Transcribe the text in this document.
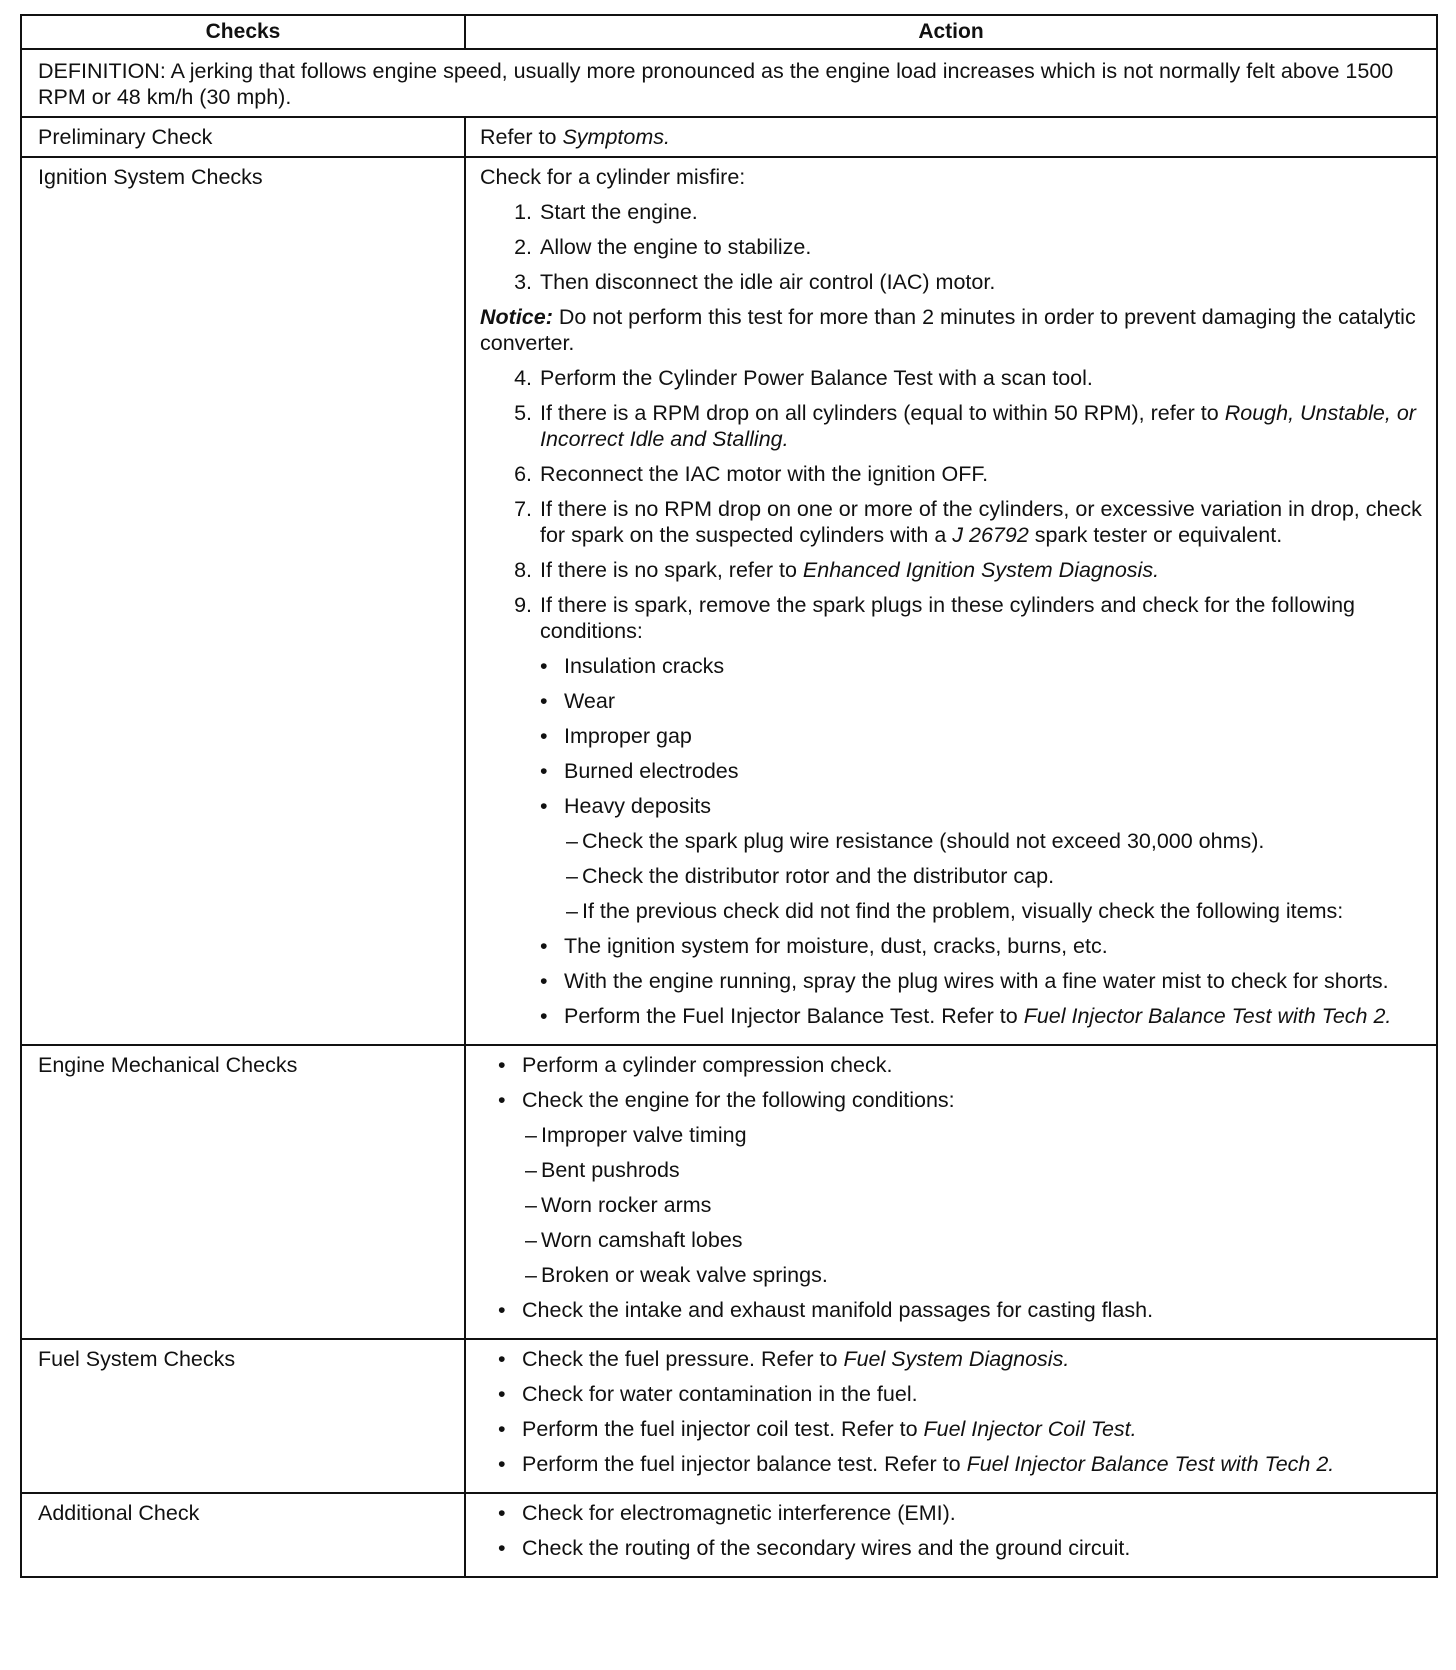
Checks	Action
DEFINITION: A jerking that follows engine speed, usually more pronounced as the engine load increases which is not normally felt above 1500 RPM or 48 km/h (30 mph).
Preliminary Check	Refer to Symptoms.
Ignition System Checks	Check for a cylinder misfire:
1. Start the engine.
2. Allow the engine to stabilize.
3. Then disconnect the idle air control (IAC) motor.
Notice: Do not perform this test for more than 2 minutes in order to prevent damaging the catalytic converter.
4. Perform the Cylinder Power Balance Test with a scan tool.
5. If there is a RPM drop on all cylinders (equal to within 50 RPM), refer to Rough, Unstable, or Incorrect Idle and Stalling.
6. Reconnect the IAC motor with the ignition OFF.
7. If there is no RPM drop on one or more of the cylinders, or excessive variation in drop, check for spark on the suspected cylinders with a J 26792 spark tester or equivalent.
8. If there is no spark, refer to Enhanced Ignition System Diagnosis.
9. If there is spark, remove the spark plugs in these cylinders and check for the following conditions:
• Insulation cracks
• Wear
• Improper gap
• Burned electrodes
• Heavy deposits
– Check the spark plug wire resistance (should not exceed 30,000 ohms).
– Check the distributor rotor and the distributor cap.
– If the previous check did not find the problem, visually check the following items:
• The ignition system for moisture, dust, cracks, burns, etc.
• With the engine running, spray the plug wires with a fine water mist to check for shorts.
• Perform the Fuel Injector Balance Test. Refer to Fuel Injector Balance Test with Tech 2.
Engine Mechanical Checks	• Perform a cylinder compression check.
• Check the engine for the following conditions:
– Improper valve timing
– Bent pushrods
– Worn rocker arms
– Worn camshaft lobes
– Broken or weak valve springs.
• Check the intake and exhaust manifold passages for casting flash.
Fuel System Checks	• Check the fuel pressure. Refer to Fuel System Diagnosis.
• Check for water contamination in the fuel.
• Perform the fuel injector coil test. Refer to Fuel Injector Coil Test.
• Perform the fuel injector balance test. Refer to Fuel Injector Balance Test with Tech 2.
Additional Check	• Check for electromagnetic interference (EMI).
• Check the routing of the secondary wires and the ground circuit.
